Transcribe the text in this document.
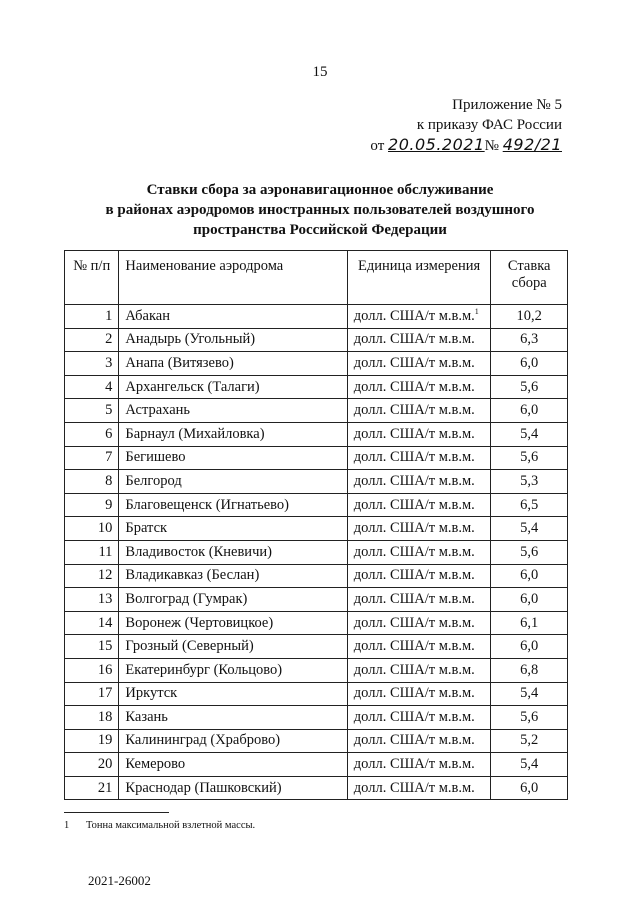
15
Приложение № 5
к приказу ФАС России
от 20.05.2021№ 492/21
Ставки сбора за аэронавигационное обслуживание
в районах аэродромов иностранных пользователей воздушного
пространства Российской Федерации
№ п/п	Наименование аэродрома	Единица измерения	Ставка сбора
1	Абакан	долл. США/т м.в.м.$^1$	10,2
2	Анадырь (Угольный)	долл. США/т м.в.м.	6,3
3	Анапа (Витязево)	долл. США/т м.в.м.	6,0
4	Архангельск (Талаги)	долл. США/т м.в.м.	5,6
5	Астрахань	долл. США/т м.в.м.	6,0
6	Барнаул (Михайловка)	долл. США/т м.в.м.	5,4
7	Бегишево	долл. США/т м.в.м.	5,6
8	Белгород	долл. США/т м.в.м.	5,3
9	Благовещенск (Игнатьево)	долл. США/т м.в.м.	6,5
10	Братск	долл. США/т м.в.м.	5,4
11	Владивосток (Кневичи)	долл. США/т м.в.м.	5,6
12	Владикавказ (Беслан)	долл. США/т м.в.м.	6,0
13	Волгоград (Гумрак)	долл. США/т м.в.м.	6,0
14	Воронеж (Чертовицкое)	долл. США/т м.в.м.	6,1
15	Грозный (Северный)	долл. США/т м.в.м.	6,0
16	Екатеринбург (Кольцово)	долл. США/т м.в.м.	6,8
17	Иркутск	долл. США/т м.в.м.	5,4
18	Казань	долл. США/т м.в.м.	5,6
19	Калининград (Храброво)	долл. США/т м.в.м.	5,2
20	Кемерово	долл. США/т м.в.м.	5,4
21	Краснодар (Пашковский)	долл. США/т м.в.м.	6,0
1 Тонна максимальной взлетной массы.
2021-26002
